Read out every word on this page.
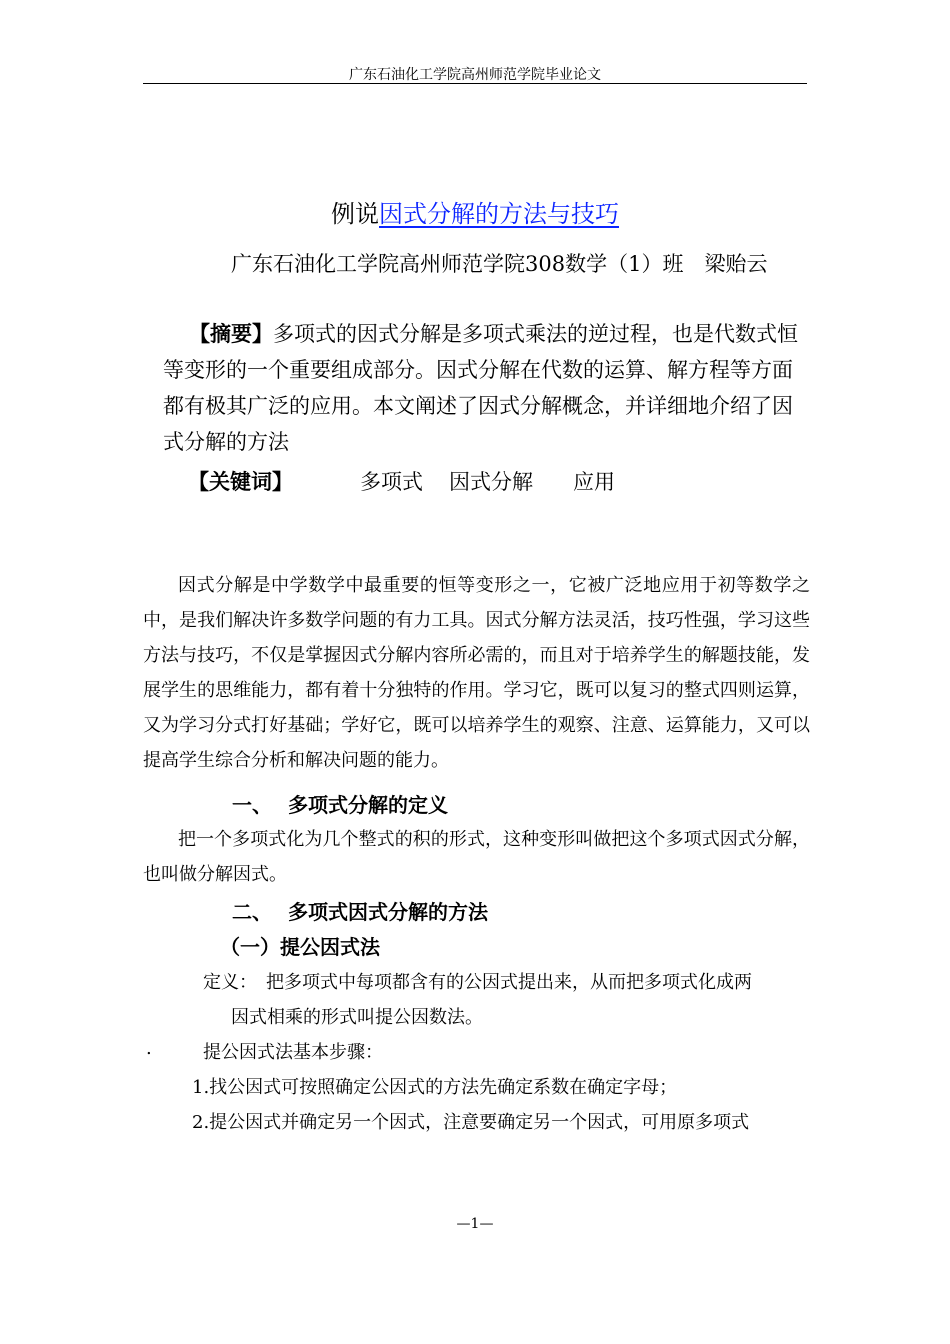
广东石油化工学院高州师范学院毕业论文
例说因式分解的方法与技巧
广东石油化工学院高州师范学院308数学（1）班　梁贻云
【摘要】多项式的因式分解是多项式乘法的逆过程，也是代数式恒等变形的一个重要组成部分。因式分解在代数的运算、解方程等方面都有极其广泛的应用。本文阐述了因式分解概念，并详细地介绍了因式分解的方法
【关键词】	多项式 因式分解 应用
因式分解是中学数学中最重要的恒等变形之一，它被广泛地应用于初等数学之中，是我们解决许多数学问题的有力工具。因式分解方法灵活，技巧性强，学习这些方法与技巧，不仅是掌握因式分解内容所必需的，而且对于培养学生的解题技能，发展学生的思维能力，都有着十分独特的作用。学习它，既可以复习的整式四则运算，又为学习分式打好基础；学好它，既可以培养学生的观察、注意、运算能力，又可以提高学生综合分析和解决问题的能力。
一、 多项式分解的定义
把一个多项式化为几个整式的积的形式，这种变形叫做把这个多项式因式分解，也叫做分解因式。
二、 多项式因式分解的方法
（一）提公因式法
定义：　把多项式中每项都含有的公因式提出来，从而把多项式化成两
因式相乘的形式叫提公因数法。
.	提公因式法基本步骤：
1.找公因式可按照确定公因式的方法先确定系数在确定字母；
2.提公因式并确定另一个因式，注意要确定另一个因式，可用原多项式
—1—
